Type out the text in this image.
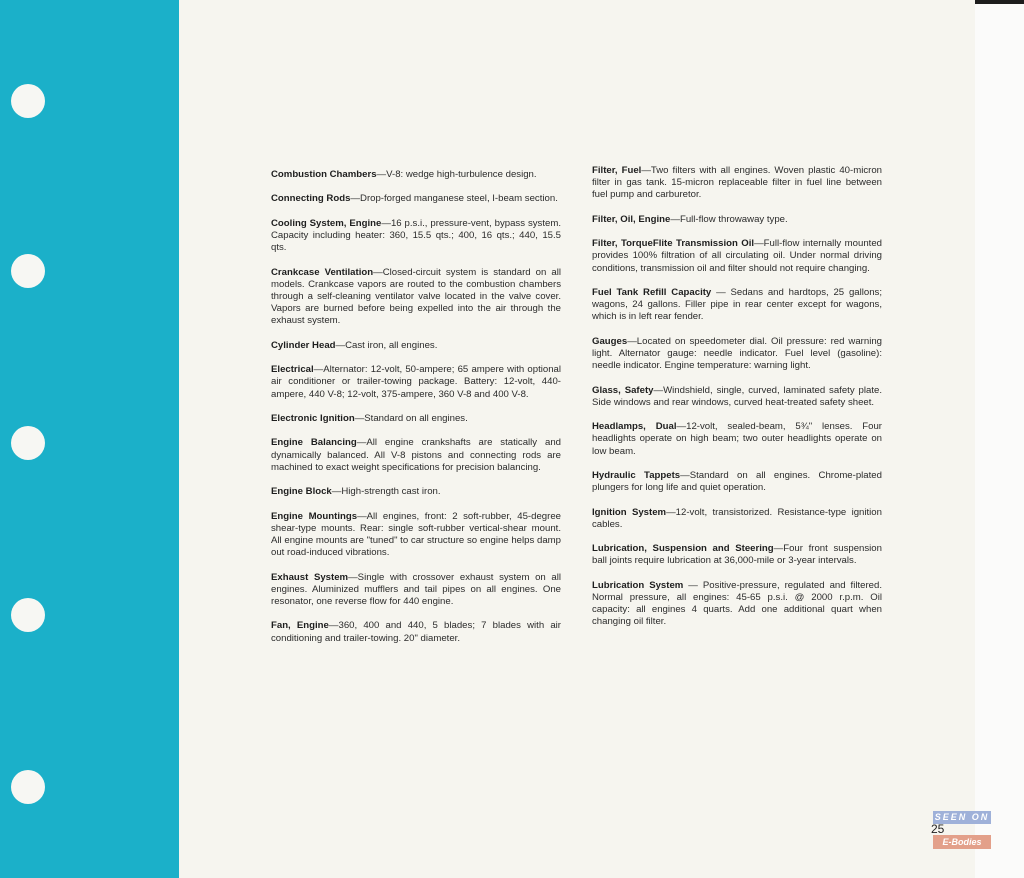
Combustion Chambers—V-8: wedge high-turbulence design.

Connecting Rods—Drop-forged manganese steel, I-beam section.

Cooling System, Engine—16 p.s.i., pressure-vent, bypass system. Capacity including heater: 360, 15.5 qts.; 400, 16 qts.; 440, 15.5 qts.

Crankcase Ventilation—Closed-circuit system is standard on all models. Crankcase vapors are routed to the combustion chambers through a self-cleaning ventilator valve located in the valve cover. Vapors are burned before being expelled into the air through the exhaust system.

Cylinder Head—Cast iron, all engines.

Electrical—Alternator: 12-volt, 50-ampere; 65 ampere with optional air conditioner or trailer-towing package. Battery: 12-volt, 440-ampere, 440 V-8; 12-volt, 375-ampere, 360 V-8 and 400 V-8.

Electronic Ignition—Standard on all engines.

Engine Balancing—All engine crankshafts are statically and dynamically balanced. All V-8 pistons and connecting rods are machined to exact weight specifications for precision balancing.

Engine Block—High-strength cast iron.

Engine Mountings—All engines, front: 2 soft-rubber, 45-degree shear-type mounts. Rear: single soft-rubber vertical-shear mount. All engine mounts are "tuned" to car structure so engine helps damp out road-induced vibrations.

Exhaust System—Single with crossover exhaust system on all engines. Aluminized mufflers and tail pipes on all engines. One resonator, one reverse flow for 440 engine.

Fan, Engine—360, 400 and 440, 5 blades; 7 blades with air conditioning and trailer-towing. 20" diameter.

Filter, Fuel—Two filters with all engines. Woven plastic 40-micron filter in gas tank. 15-micron replaceable filter in fuel line between fuel pump and carburetor.

Filter, Oil, Engine—Full-flow throwaway type.

Filter, TorqueFlite Transmission Oil—Full-flow internally mounted provides 100% filtration of all circulating oil. Under normal driving conditions, transmission oil and filter should not require changing.

Fuel Tank Refill Capacity — Sedans and hardtops, 25 gallons; wagons, 24 gallons. Filler pipe in rear center except for wagons, which is in left rear fender.

Gauges—Located on speedometer dial. Oil pressure: red warning light. Alternator gauge: needle indicator. Fuel level (gasoline): needle indicator. Engine temperature: warning light.

Glass, Safety—Windshield, single, curved, laminated safety plate. Side windows and rear windows, curved heat-treated safety sheet.

Headlamps, Dual—12-volt, sealed-beam, 5¾" lenses. Four headlights operate on high beam; two outer headlights operate on low beam.

Hydraulic Tappets—Standard on all engines. Chrome-plated plungers for long life and quiet operation.

Ignition System—12-volt, transistorized. Resistance-type ignition cables.

Lubrication, Suspension and Steering—Four front suspension ball joints require lubrication at 36,000-mile or 3-year intervals.

Lubrication System — Positive-pressure, regulated and filtered. Normal pressure, all engines: 45-65 p.s.i. @ 2000 r.p.m. Oil capacity: all engines 4 quarts. Add one additional quart when changing oil filter.

SEEN ON
E-Bodies
25
